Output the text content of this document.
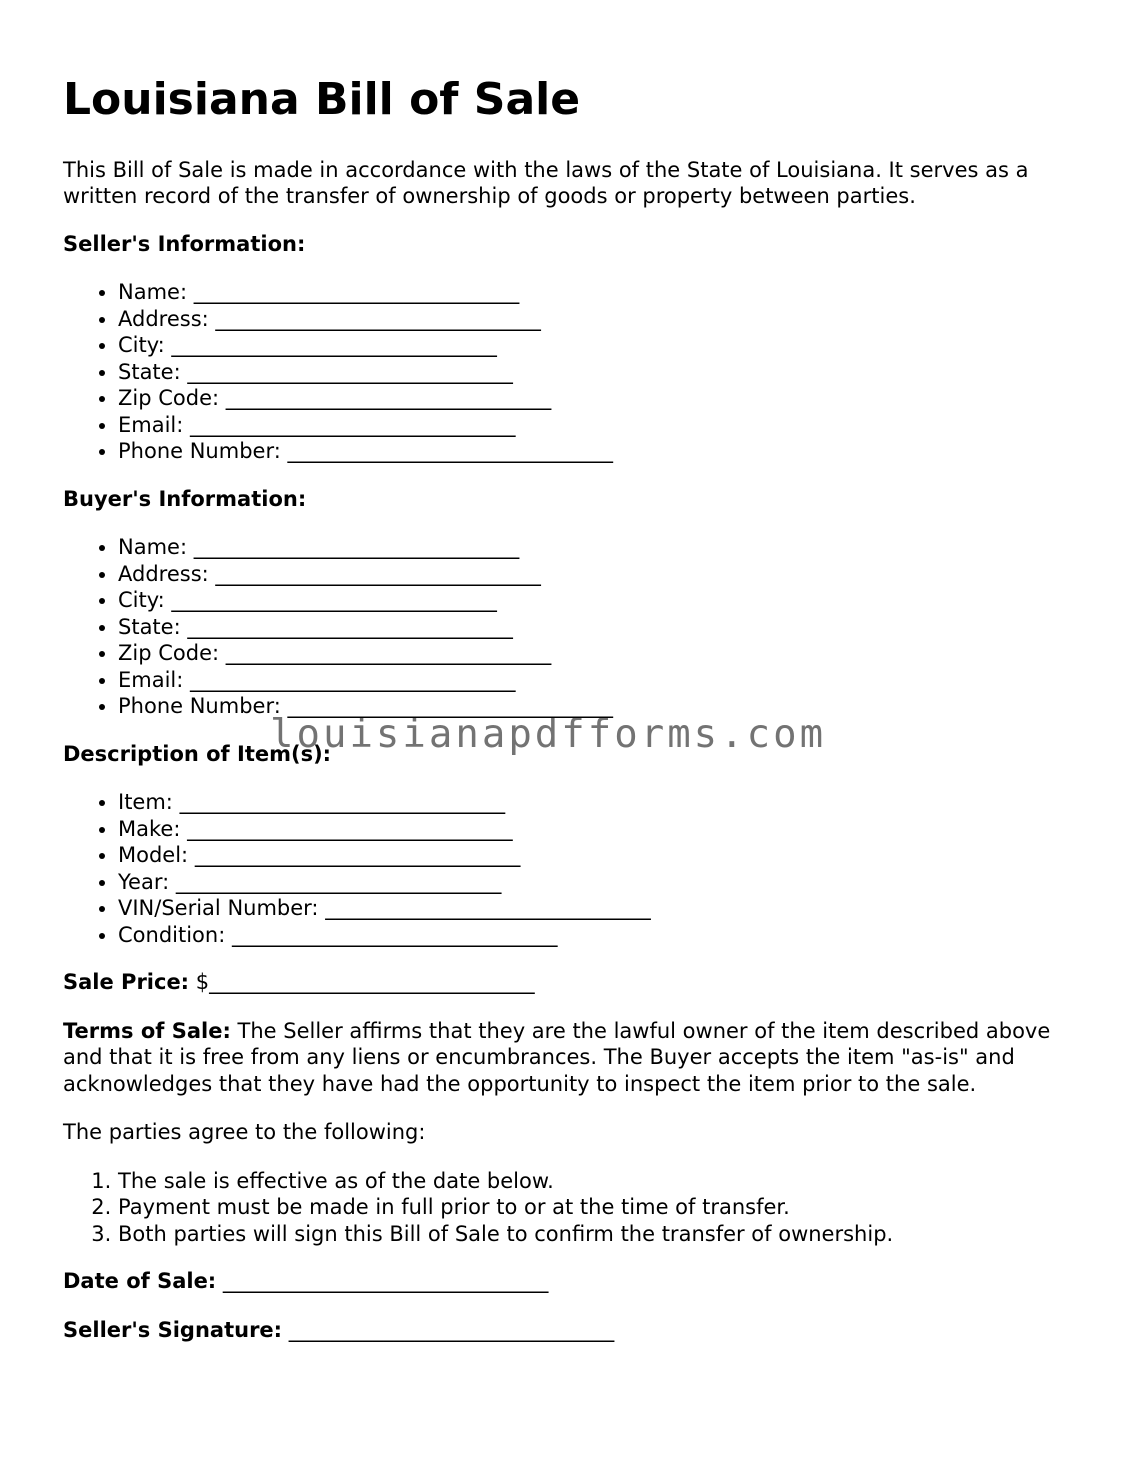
Louisiana Bill of Sale

This Bill of Sale is made in accordance with the laws of the State of Louisiana. It serves as a written record of the transfer of ownership of goods or property between parties.

Seller's Information:

• Name: _______________________________
• Address: _______________________________
• City: _______________________________
• State: _______________________________
• Zip Code: _______________________________
• Email: _______________________________
• Phone Number: _______________________________

Buyer's Information:

• Name: _______________________________
• Address: _______________________________
• City: _______________________________
• State: _______________________________
• Zip Code: _______________________________
• Email: _______________________________
• Phone Number: _______________________________

Description of Item(s):

• Item: _______________________________
• Make: _______________________________
• Model: _______________________________
• Year: _______________________________
• VIN/Serial Number: _______________________________
• Condition: _______________________________

Sale Price: $_______________________________

Terms of Sale: The Seller affirms that they are the lawful owner of the item described above and that it is free from any liens or encumbrances. The Buyer accepts the item "as-is" and acknowledges that they have had the opportunity to inspect the item prior to the sale.

The parties agree to the following:

1. The sale is effective as of the date below.
2. Payment must be made in full prior to or at the time of transfer.
3. Both parties will sign this Bill of Sale to confirm the transfer of ownership.

Date of Sale: _______________________________

Seller's Signature: _______________________________

louisianapdfforms.com
